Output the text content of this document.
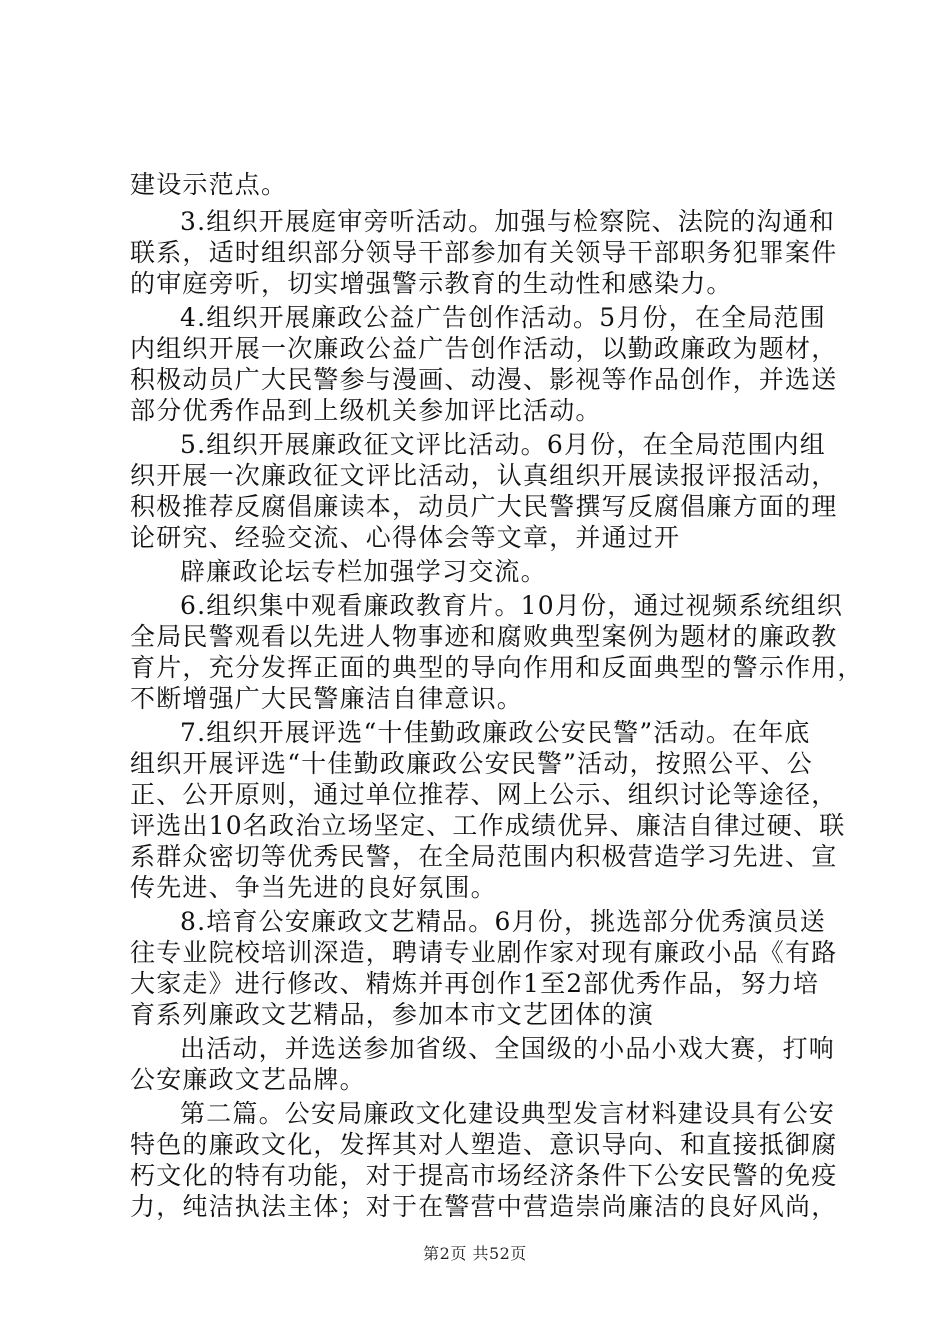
建设示范点。
3.组织开展庭审旁听活动。加强与检察院、法院的沟通和
联系，适时组织部分领导干部参加有关领导干部职务犯罪案件
的审庭旁听，切实增强警示教育的生动性和感染力。
4.组织开展廉政公益广告创作活动。5月份，在全局范围
内组织开展一次廉政公益广告创作活动，以勤政廉政为题材，
积极动员广大民警参与漫画、动漫、影视等作品创作，并选送
部分优秀作品到上级机关参加评比活动。
5.组织开展廉政征文评比活动。6月份，在全局范围内组
织开展一次廉政征文评比活动，认真组织开展读报评报活动，
积极推荐反腐倡廉读本，动员广大民警撰写反腐倡廉方面的理
论研究、经验交流、心得体会等文章，并通过开
辟廉政论坛专栏加强学习交流。
6.组织集中观看廉政教育片。10月份，通过视频系统组织
全局民警观看以先进人物事迹和腐败典型案例为题材的廉政教
育片，充分发挥正面的典型的导向作用和反面典型的警示作用，
不断增强广大民警廉洁自律意识。
7.组织开展评选“十佳勤政廉政公安民警”活动。在年底
组织开展评选“十佳勤政廉政公安民警”活动，按照公平、公
正、公开原则，通过单位推荐、网上公示、组织讨论等途径，
评选出10名政治立场坚定、工作成绩优异、廉洁自律过硬、联
系群众密切等优秀民警，在全局范围内积极营造学习先进、宣
传先进、争当先进的良好氛围。
8.培育公安廉政文艺精品。6月份，挑选部分优秀演员送
往专业院校培训深造，聘请专业剧作家对现有廉政小品《有路
大家走》进行修改、精炼并再创作1至2部优秀作品，努力培
育系列廉政文艺精品，参加本市文艺团体的演
出活动，并选送参加省级、全国级的小品小戏大赛，打响
公安廉政文艺品牌。
第二篇。公安局廉政文化建设典型发言材料建设具有公安
特色的廉政文化，发挥其对人塑造、意识导向、和直接抵御腐
朽文化的特有功能，对于提高市场经济条件下公安民警的免疫
力，纯洁执法主体；对于在警营中营造崇尚廉洁的良好风尚，
第2页 共52页
